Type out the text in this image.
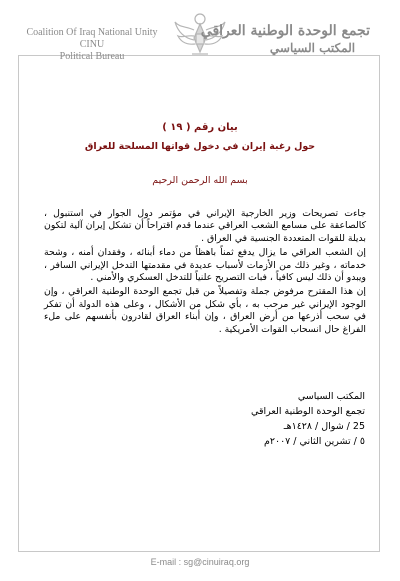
Coalition Of Iraq National Unity
CINU
Political Bureau
تجمع الوحدة الوطنية العراقي
المكتب السياسي
بيان رقم ( ١٩ )
حول رغبة إيران في دخول قواتها المسلحة للعراق
بسم الله الرحمن الرحيم

جاءت تصريحات وزير الخارجية الإيراني في مؤتمر دول الجوار في استنبول ، كالصاعقة على مسامع الشعب العراقي عندما قدم اقتراحاً أن تشكل إيران آلية لتكون بديلة للقوات المتعددة الجنسية في العراق .

إن الشعب العراقي ما يزال يدفع ثمناً باهظاً من دماء أبنائه ، وفقدان أمنه ، وشحة خدماته ، وغير ذلك من الأزمات لأسباب عديدة في مقدمتها التدخل الإيراني السافر ، ويبدو أن ذلك ليس كافياً ، فبات التصريح علنياً للتدخل العسكري والأمني .

إن هذا المقترح مرفوض جملة وتفصيلاً من قبل تجمع الوحدة الوطنية العراقي ، وإن الوجود الإيراني غير مرحب به ، بأي شكل من الأشكال ، وعلى هذه الدولة أن تفكر في سحب أذرعها من أرض العراق ، وإن أبناء العراق لقادرون بأنفسهم على ملء الفراغ حال انسحاب القوات الأمريكية .

المكتب السياسي
تجمع الوحدة الوطنية العراقي
25 / شوال / ١٤٢٨هـ
٥ / تشرين الثاني / ٢٠٠٧م
E-mail : sg@cinuiraq.org
